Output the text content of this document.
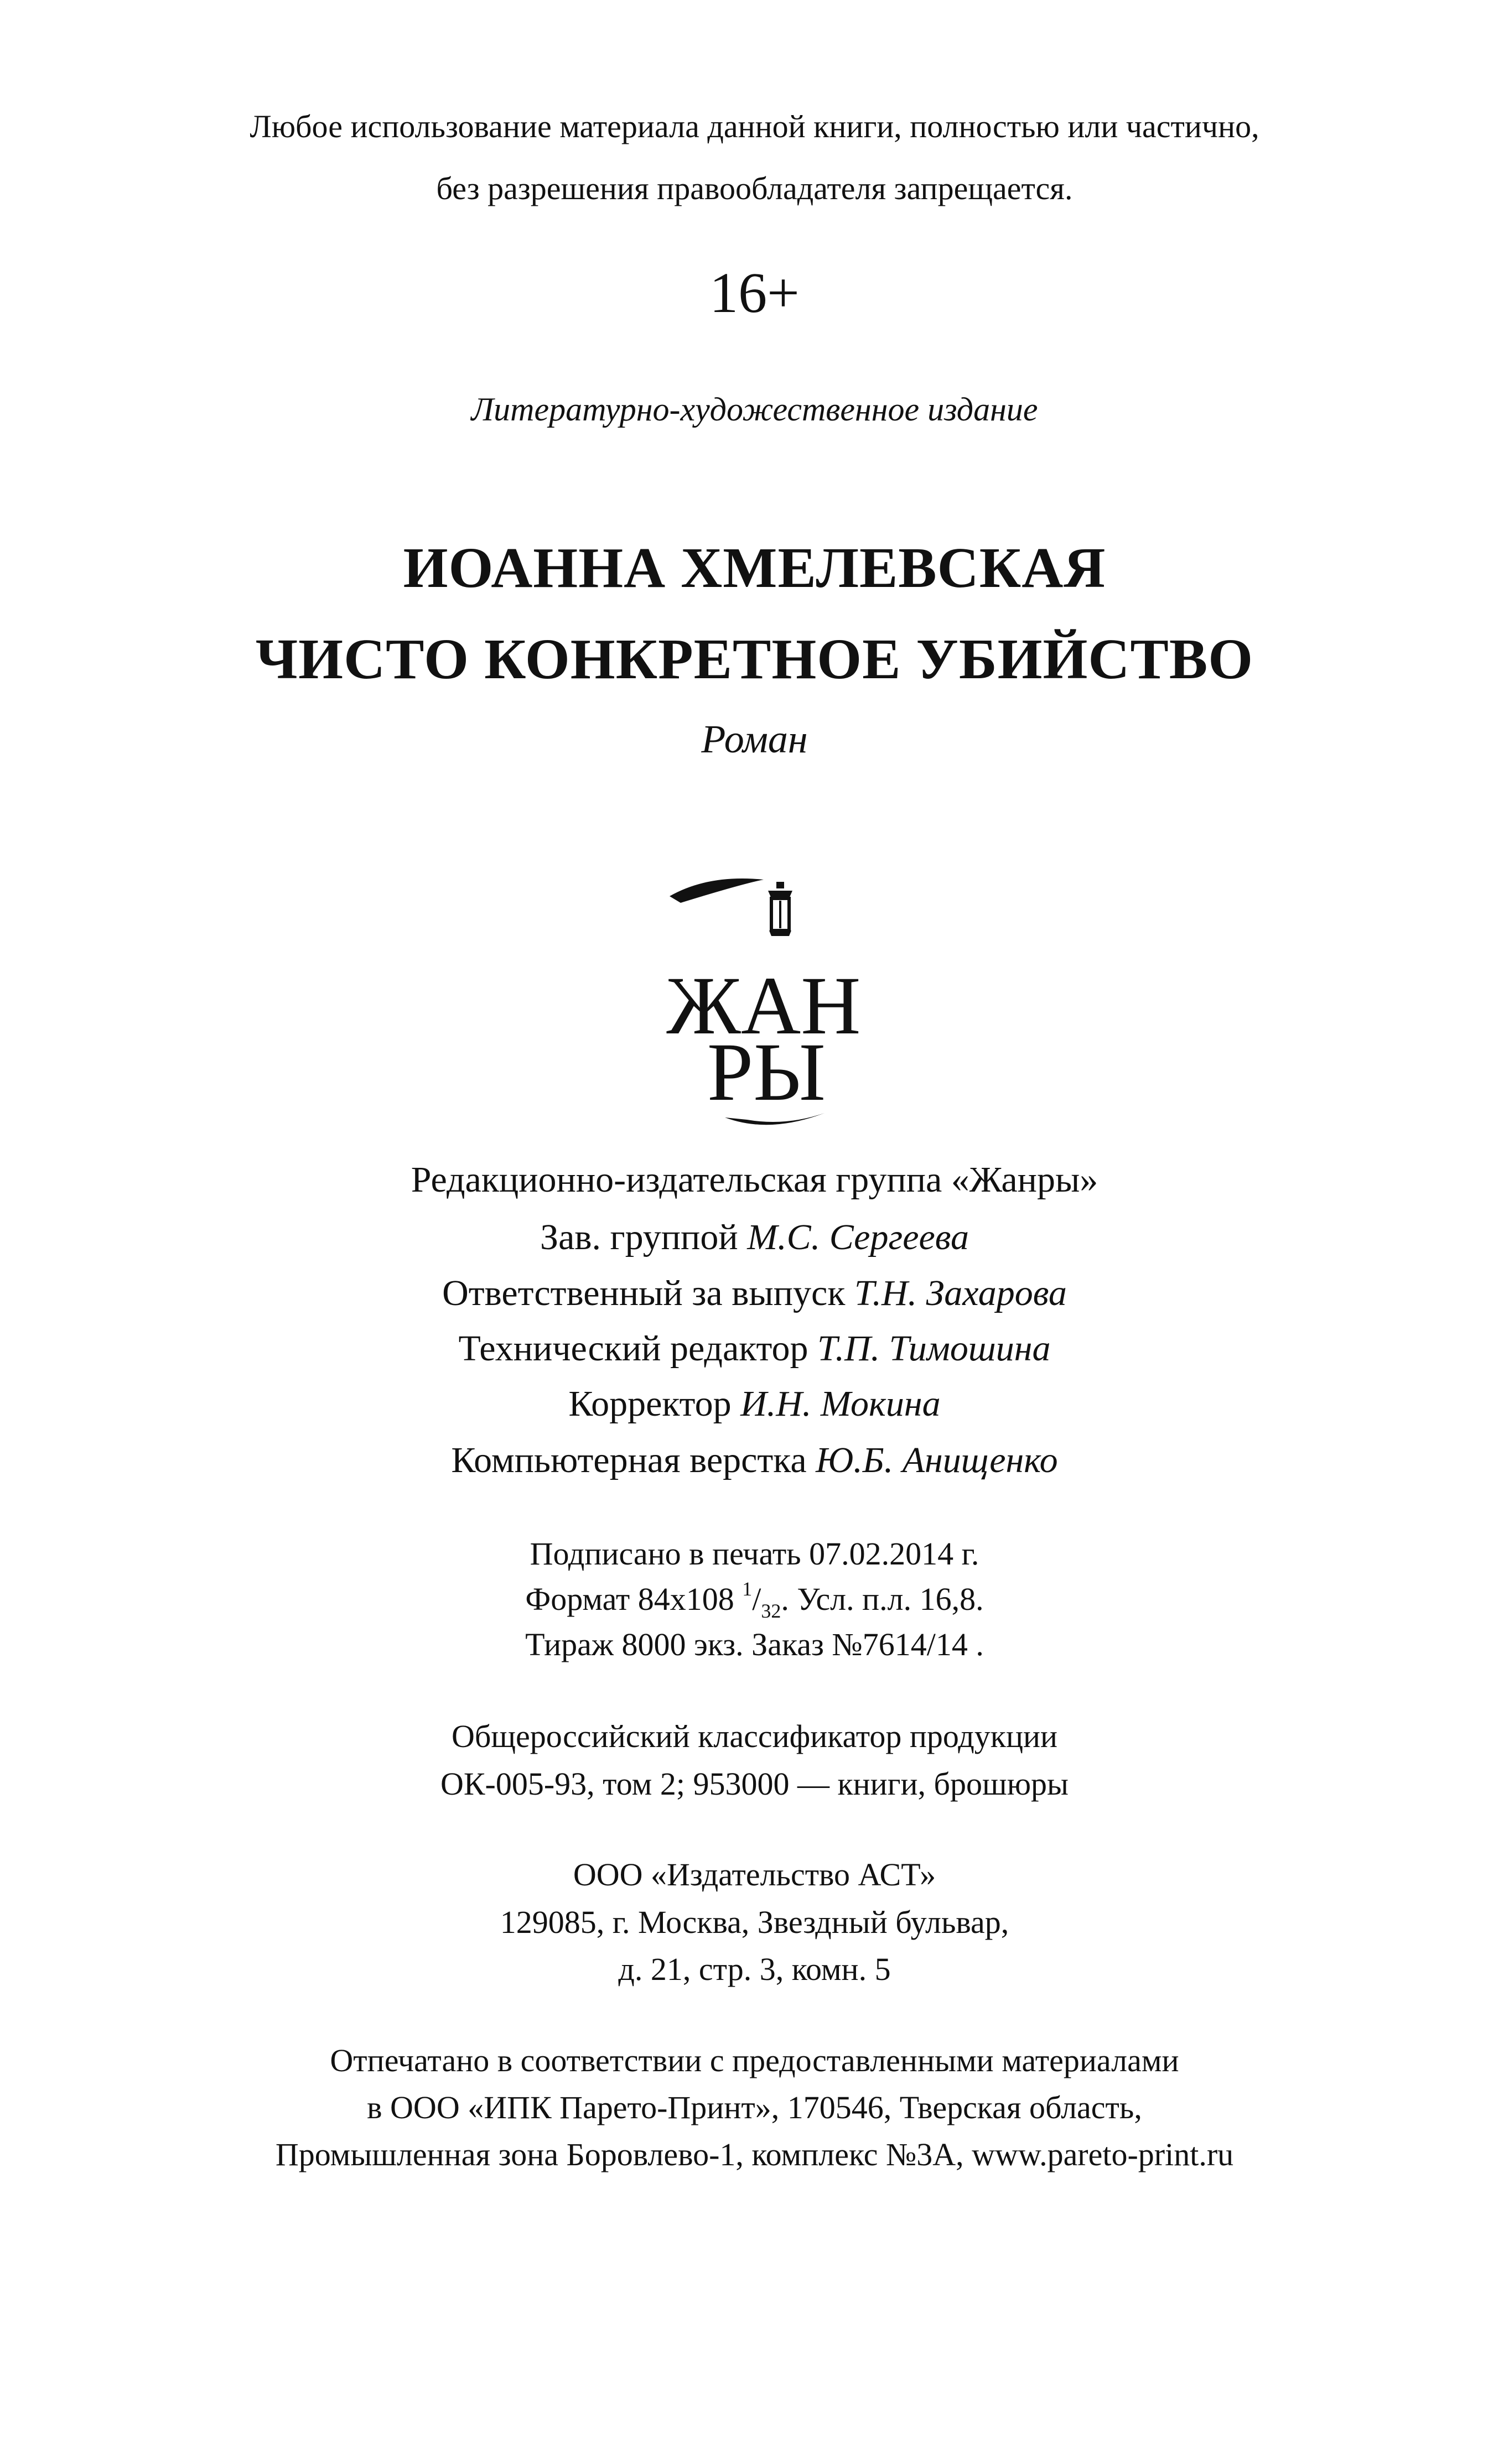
Любое использование материала данной книги, полностью или частично,
без разрешения правообладателя запрещается.
16+
Литературно-художественное издание
ИОАННА ХМЕЛЕВСКАЯ
ЧИСТО КОНКРЕТНОЕ УБИЙСТВО
Роман
ЖАН
РЫ
Редакционно-издательская группа «Жанры»
Зав. группой М.С. Сергеева
Ответственный за выпуск Т.Н. Захарова
Технический редактор Т.П. Тимошина
Корректор И.Н. Мокина
Компьютерная верстка Ю.Б. Анищенко
Подписано в печать 07.02.2014 г.
Формат 84х108 $^1/_{32}$. Усл. п.л. 16,8.
Тираж 8000 экз. Заказ №7614/14 .
Общероссийский классификатор продукции
ОК-005-93, том 2; 953000 — книги, брошюры
ООО «Издательство АСТ»
129085, г. Москва, Звездный бульвар,
д. 21, стр. 3, комн. 5
Отпечатано в соответствии с предоставленными материалами
в ООО «ИПК Парето-Принт», 170546, Тверская область,
Промышленная зона Боровлево-1, комплекс №3А, www.pareto-print.ru
